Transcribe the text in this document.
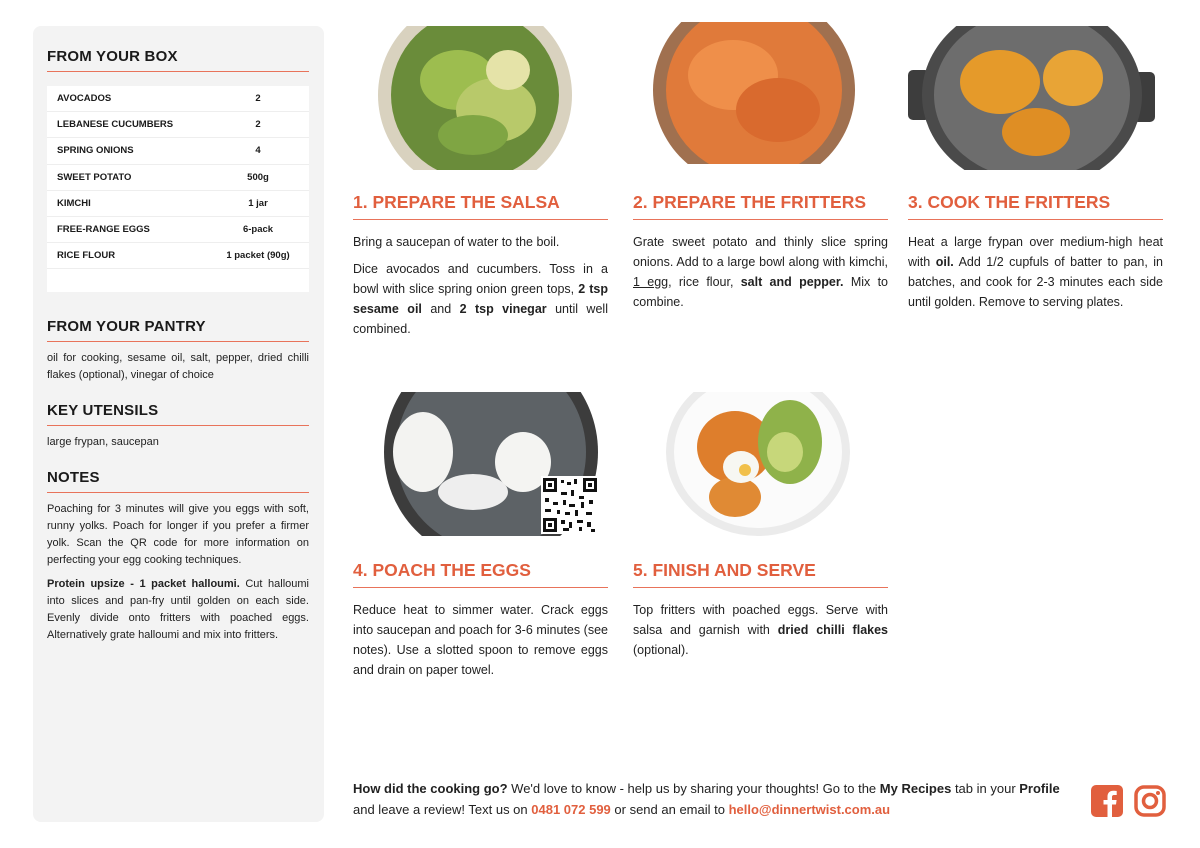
FROM YOUR BOX
AVOCADOS	2
LEBANESE CUCUMBERS	2
SPRING ONIONS	4
SWEET POTATO	500g
KIMCHI	1 jar
FREE-RANGE EGGS	6-pack
RICE FLOUR	1 packet (90g)
FROM YOUR PANTRY

oil for cooking, sesame oil, salt, pepper, dried chilli flakes (optional), vinegar of choice

KEY UTENSILS

large frypan, saucepan

NOTES

Poaching for 3 minutes will give you eggs with soft, runny yolks. Poach for longer if you prefer a firmer yolk. Scan the QR code for more information on perfecting your egg cooking techniques.

Protein upsize - 1 packet halloumi. Cut halloumi into slices and pan-fry until golden on each side. Evenly divide onto fritters with poached eggs. Alternatively grate halloumi and mix into fritters.

1. PREPARE THE SALSA

Bring a saucepan of water to the boil.

Dice avocados and cucumbers. Toss in a bowl with slice spring onion green tops, 2 tsp sesame oil and 2 tsp vinegar until well combined.

2. PREPARE THE FRITTERS

Grate sweet potato and thinly slice spring onions. Add to a large bowl along with kimchi, 1 egg, rice flour, salt and pepper. Mix to combine.

3. COOK THE FRITTERS

Heat a large frypan over medium-high heat with oil. Add 1/2 cupfuls of batter to pan, in batches, and cook for 2-3 minutes each side until golden. Remove to serving plates.

4. POACH THE EGGS

Reduce heat to simmer water. Crack eggs into saucepan and poach for 3-6 minutes (see notes). Use a slotted spoon to remove eggs and drain on paper towel.

5. FINISH AND SERVE

Top fritters with poached eggs. Serve with salsa and garnish with dried chilli flakes (optional).

How did the cooking go? We'd love to know - help us by sharing your thoughts! Go to the My Recipes tab in your Profile and leave a review! Text us on 0481 072 599 or send an email to hello@dinnertwist.com.au
